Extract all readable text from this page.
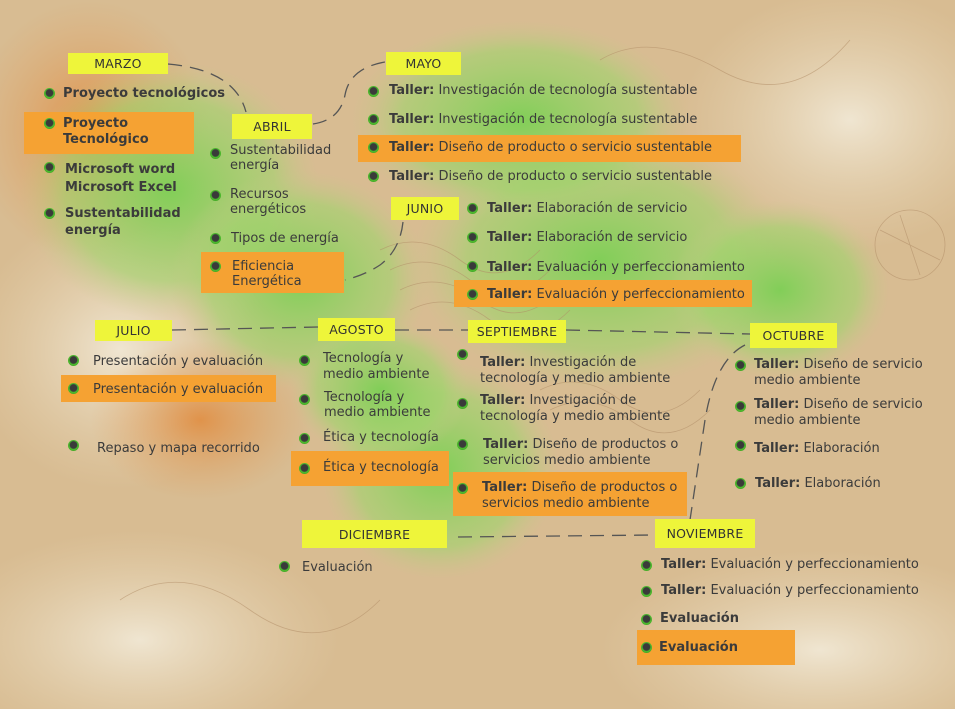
MARZO
ABRIL
MAYO
JUNIO
JULIO	AGOSTO	SEPTIEMBRE	OCTUBRE
NOVIEMBRE
DICIEMBRE
Proyecto tecnológicos
Proyecto
Tecnológico
Microsoft word
Microsoft Excel
Sustentabilidad
energía
Sustentabilidad
energía
Recursos
energéticos
Tipos de energía
Eficiencia
Energética
Taller: Investigación de tecnología sustentable
Taller: Investigación de tecnología sustentable
Taller: Diseño de producto o servicio sustentable
Taller: Diseño de producto o servicio sustentable
Taller: Elaboración de servicio
Taller: Elaboración de servicio
Taller: Evaluación y perfeccionamiento
Taller: Evaluación y perfeccionamiento
Presentación y evaluación
Presentación y evaluación
Repaso y mapa recorrido
Tecnología y
medio ambiente
Tecnología y
medio ambiente
Ética y tecnología
Ética y tecnología
Taller: Investigación de
tecnología y medio ambiente
Taller: Investigación de
tecnología y medio ambiente
Taller: Diseño de productos o
servicios medio ambiente
Taller: Diseño de productos o
servicios medio ambiente
Taller: Diseño de servicio
medio ambiente
Taller: Diseño de servicio
medio ambiente
Taller: Elaboración
Taller: Elaboración
Taller: Evaluación y perfeccionamiento
Taller: Evaluación y perfeccionamiento
Evaluación
Evaluación
Evaluación
